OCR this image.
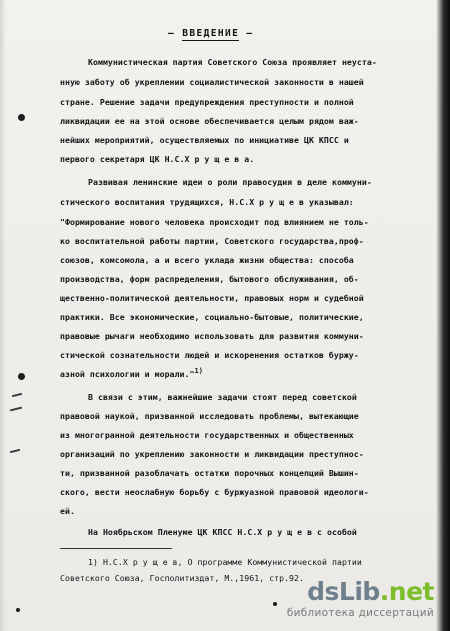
– ВВЕДЕНИЕ –
Коммунистическая партия Советского Союза проявляет неуста-
нную заботу об укреплении социалистической законности в нашей
стране. Решение задачи предупреждения преступности и полной
ликвидации ее на этой основе обеспечивается целым рядом важ-
нейших мероприятий, осуществляемых по инициативе ЦК КПСС и
первого секретаря ЦК Н.С.Х р у щ е в а.
Развивая ленинские идеи о роли правосудия в деле коммуни-
стического воспитания трудящихся, Н.С.Х р у щ е в указывал:
"Формирование нового человека происходит под влиянием не толь-
ко воспитательной работы партии, Советского государства,проф-
союзов, комсомола, а и всего уклада жизни общества: способа
производства, форм распределения, бытового обслуживания, об-
щественно-политической деятельности, правовых норм и судебной
практики. Все экономические, социально-бытовые, политические,
правовые рычаги необходимо использовать для развития коммуни-
стической сознательности людей и искоренения остатков буржу-
азной психологии и морали."1)
В связи с этим, важнейшие задачи стоят перед советской
правовой наукой, призванной исследовать проблемы, вытекающие
из многогранной деятельности государственных и общественных
организаций по укреплению законности и ликвидации преступнос-
ти, призванной разоблачать остатки порочных концепций Вышин-
ского, вести неослабную борьбу с буржуазной правовой идеологи-
ей.
На Ноябрьском Пленуме ЦК КПСС Н.С.Х р у щ е в с особой
1) Н.С.Х р у щ е в, О программе Коммунистической партии
Советского Союза, Госполитиздат, М.,1961, стр.92. dsLib.net
библиотека диссертаций
